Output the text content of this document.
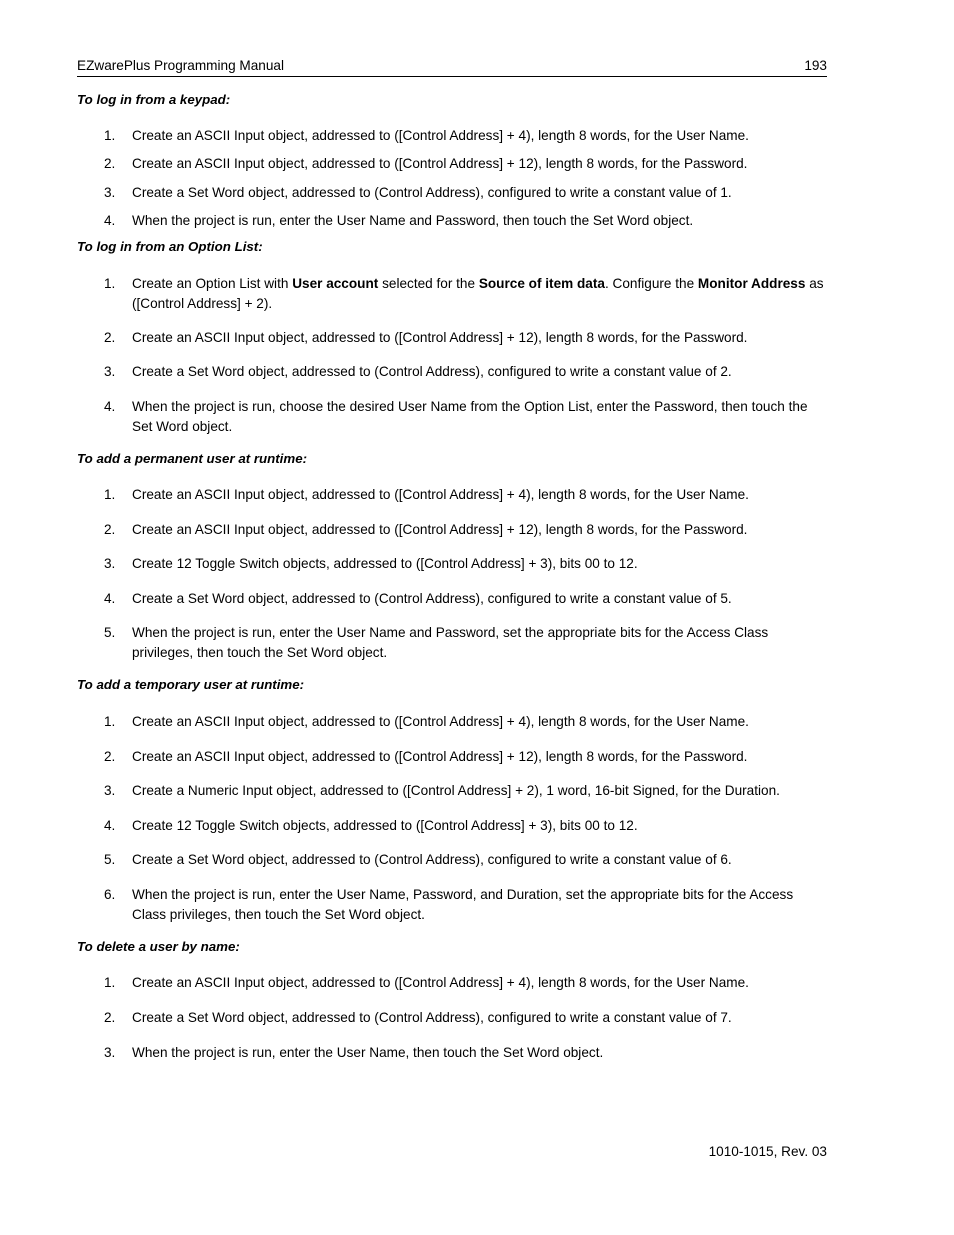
EZwarePlus Programming Manual	193
To log in from a keypad:
1. Create an ASCII Input object, addressed to ([Control Address] + 4), length 8 words, for the User Name.
2. Create an ASCII Input object, addressed to ([Control Address] + 12), length 8 words, for the Password.
3. Create a Set Word object, addressed to (Control Address), configured to write a constant value of 1.
4. When the project is run, enter the User Name and Password, then touch the Set Word object.
To log in from an Option List:
1. Create an Option List with User account selected for the Source of item data. Configure the Monitor Address as ([Control Address] + 2).
2. Create an ASCII Input object, addressed to ([Control Address] + 12), length 8 words, for the Password.
3. Create a Set Word object, addressed to (Control Address), configured to write a constant value of 2.
4. When the project is run, choose the desired User Name from the Option List, enter the Password, then touch the Set Word object.
To add a permanent user at runtime:
1. Create an ASCII Input object, addressed to ([Control Address] + 4), length 8 words, for the User Name.
2. Create an ASCII Input object, addressed to ([Control Address] + 12), length 8 words, for the Password.
3. Create 12 Toggle Switch objects, addressed to ([Control Address] + 3), bits 00 to 12.
4. Create a Set Word object, addressed to (Control Address), configured to write a constant value of 5.
5. When the project is run, enter the User Name and Password, set the appropriate bits for the Access Class privileges, then touch the Set Word object.
To add a temporary user at runtime:
1. Create an ASCII Input object, addressed to ([Control Address] + 4), length 8 words, for the User Name.
2. Create an ASCII Input object, addressed to ([Control Address] + 12), length 8 words, for the Password.
3. Create a Numeric Input object, addressed to ([Control Address] + 2), 1 word, 16-bit Signed, for the Duration.
4. Create 12 Toggle Switch objects, addressed to ([Control Address] + 3), bits 00 to 12.
5. Create a Set Word object, addressed to (Control Address), configured to write a constant value of 6.
6. When the project is run, enter the User Name, Password, and Duration, set the appropriate bits for the Access Class privileges, then touch the Set Word object.
To delete a user by name:
1. Create an ASCII Input object, addressed to ([Control Address] + 4), length 8 words, for the User Name.
2. Create a Set Word object, addressed to (Control Address), configured to write a constant value of 7.
3. When the project is run, enter the User Name, then touch the Set Word object.
1010-1015, Rev. 03
